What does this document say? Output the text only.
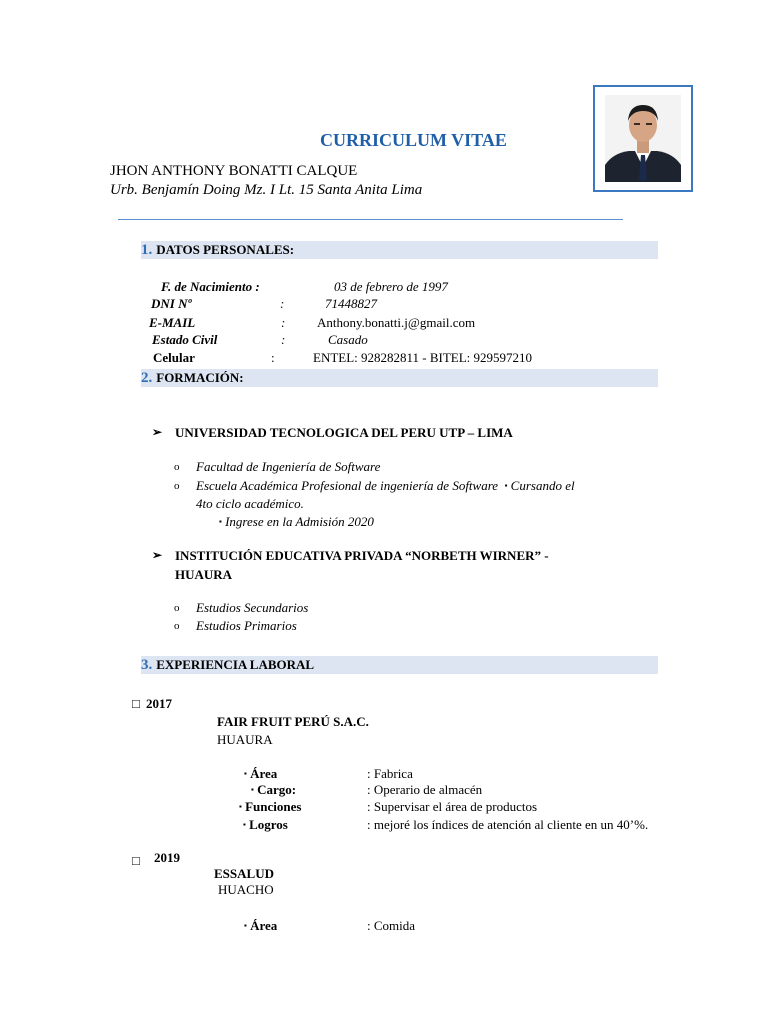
CURRICULUM VITAE
JHON ANTHONY BONATTI CALQUE
Urb. Benjamín Doing Mz. I Lt. 15 Santa Anita Lima
1. DATOS PERSONALES:
F. de Nacimiento :	03 de febrero de 1997
DNI Nº	:	71448827
E-MAIL	: Anthony.bonatti.j@gmail.com
Estado Civil	:	Casado
Celular	:	ENTEL: 928282811 - BITEL: 929597210
2. FORMACIÓN:
➢ UNIVERSIDAD TECNOLOGICA DEL PERU UTP – LIMA
o Facultad de Ingeniería de Software
o Escuela Académica Profesional de ingeniería de Software ▪ Cursando el
4to ciclo académico.
▪ Ingrese en la Admisión 2020
➢ INSTITUCIÓN EDUCATIVA PRIVADA “NORBETH WIRNER” -
HUAURA
o Estudios Secundarios
o Estudios Primarios
3. EXPERIENCIA LABORAL
□ 2017
FAIR FRUIT PERÚ S.A.C.
HUAURA
▪ Área	: Fabrica
▪ Cargo:	: Operario de almacén
▪ Funciones	: Supervisar el área de productos
▪ Logros	: mejoré los índices de atención al cliente en un 40’%.
□ 2019
ESSALUD
HUACHO
▪ Área	: Comida
